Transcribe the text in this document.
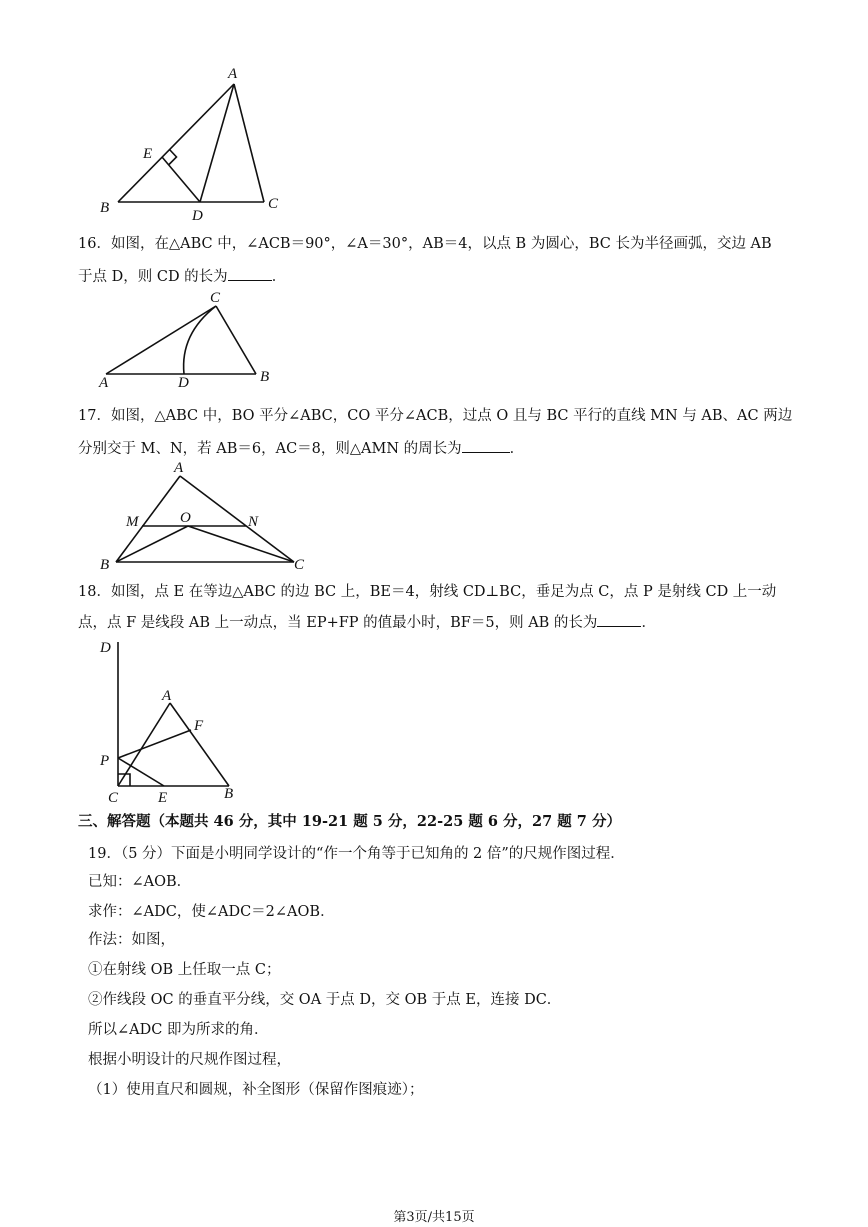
A
B	C
D
E
16．如图，在△ABC 中，∠ACB＝90°，∠A＝30°，AB＝4，以点 B 为圆心，BC 长为半径画弧，交边 AB
于点 D，则 CD 的长为	．
C
A	D	B
17．如图，△ABC 中，BO 平分∠ABC，CO 平分∠ACB，过点 O 且与 BC 平行的直线 MN 与 AB、AC 两边
分别交于 M、N，若 AB＝6，AC＝8，则△AMN 的周长为	．
A
M	O	N
B	C
18．如图，点 E 在等边△ABC 的边 BC 上，BE＝4，射线 CD⊥BC，垂足为点 C，点 P 是射线 CD 上一动
点，点 F 是线段 AB 上一动点，当 EP+FP 的值最小时，BF＝5，则 AB 的长为	．
D
A
F
P
C	E	B
三、解答题（本题共 46 分，其中 19-21 题 5 分，22-25 题 6 分，27 题 7 分）
19．（5 分）下面是小明同学设计的“作一个角等于已知角的 2 倍”的尺规作图过程．
已知：∠AOB．
求作：∠ADC，使∠ADC＝2∠AOB．
作法：如图，
①在射线 OB 上任取一点 C；
②作线段 OC 的垂直平分线，交 OA 于点 D，交 OB 于点 E，连接 DC．
所以∠ADC 即为所求的角．
根据小明设计的尺规作图过程，
（1）使用直尺和圆规，补全图形（保留作图痕迹）；
第3页/共15页
